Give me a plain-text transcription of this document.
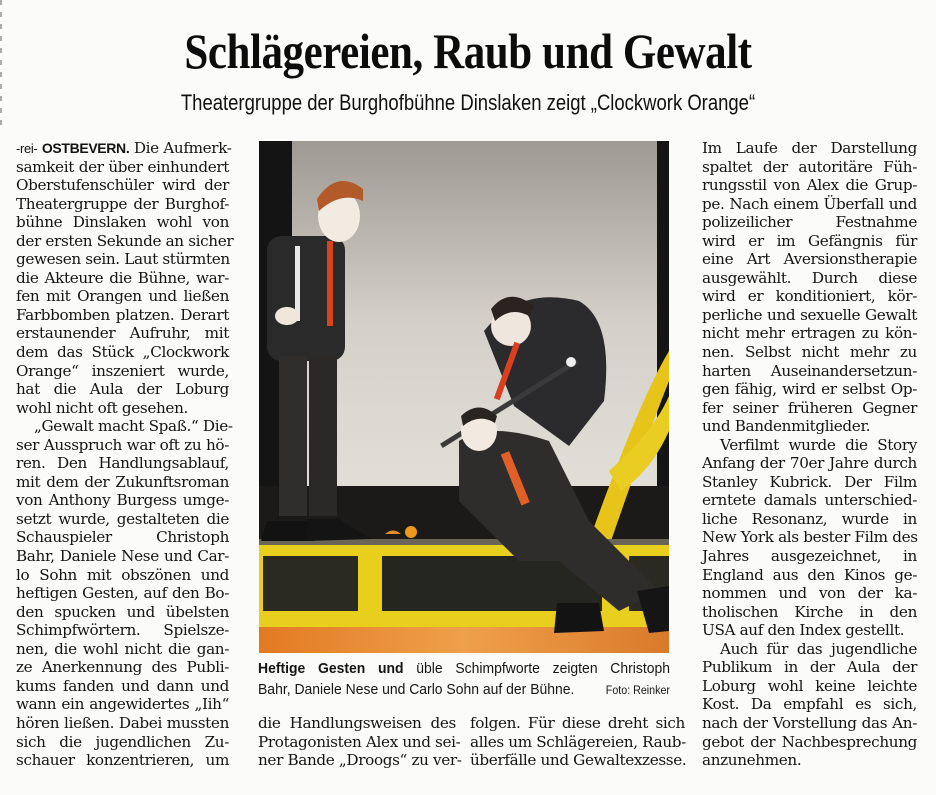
Schlägereien, Raub und Gewalt
Theatergruppe der Burghofbühne Dinslaken zeigt „Clockwork Orange“
-rei- OSTBEVERN. Die Aufmerk-
samkeit der über einhundert
Oberstufenschüler wird der
Theatergruppe der Burghof-
bühne Dinslaken wohl von
der ersten Sekunde an sicher
gewesen sein. Laut stürmten
die Akteure die Bühne, war-
fen mit Orangen und ließen
Farbbomben platzen. Derart
erstaunender Aufruhr, mit
dem das Stück „Clockwork
Orange“ inszeniert wurde,
hat die Aula der Loburg
wohl nicht oft gesehen.
„Gewalt macht Spaß.“ Die-
ser Ausspruch war oft zu hö-
ren. Den Handlungsablauf,
mit dem der Zukunftsroman
von Anthony Burgess umge-
setzt wurde, gestalteten die
Schauspieler Christoph
Bahr, Daniele Nese und Car-
lo Sohn mit obszönen und
heftigen Gesten, auf den Bo-
den spucken und übelsten
Schimpfwörtern. Spielsze-
nen, die wohl nicht die gan-
ze Anerkennung des Publi-
kums fanden und dann und
wann ein angewidertes „Iih“
hören ließen. Dabei mussten
sich die jugendlichen Zu-
schauer konzentrieren, um
Heftige Gesten und üble Schimpfworte zeigten Christoph
Bahr, Daniele Nese und Carlo Sohn auf der Bühne.	Foto: Reinker
die Handlungsweisen des
Protagonisten Alex und sei-
ner Bande „Droogs“ zu ver-
folgen. Für diese dreht sich
alles um Schlägereien, Raub-
überfälle und Gewaltexzesse.
Im Laufe der Darstellung
spaltet der autoritäre Füh-
rungsstil von Alex die Grup-
pe. Nach einem Überfall und
polizeilicher Festnahme
wird er im Gefängnis für
eine Art Aversionstherapie
ausgewählt. Durch diese
wird er konditioniert, kör-
perliche und sexuelle Gewalt
nicht mehr ertragen zu kön-
nen. Selbst nicht mehr zu
harten Auseinandersetzun-
gen fähig, wird er selbst Op-
fer seiner früheren Gegner
und Bandenmitglieder.
Verfilmt wurde die Story
Anfang der 70er Jahre durch
Stanley Kubrick. Der Film
erntete damals unterschied-
liche Resonanz, wurde in
New York als bester Film des
Jahres ausgezeichnet, in
England aus den Kinos ge-
nommen und von der ka-
tholischen Kirche in den
USA auf den Index gestellt.
Auch für das jugendliche
Publikum in der Aula der
Loburg wohl keine leichte
Kost. Da empfahl es sich,
nach der Vorstellung das An-
gebot der Nachbesprechung
anzunehmen.
